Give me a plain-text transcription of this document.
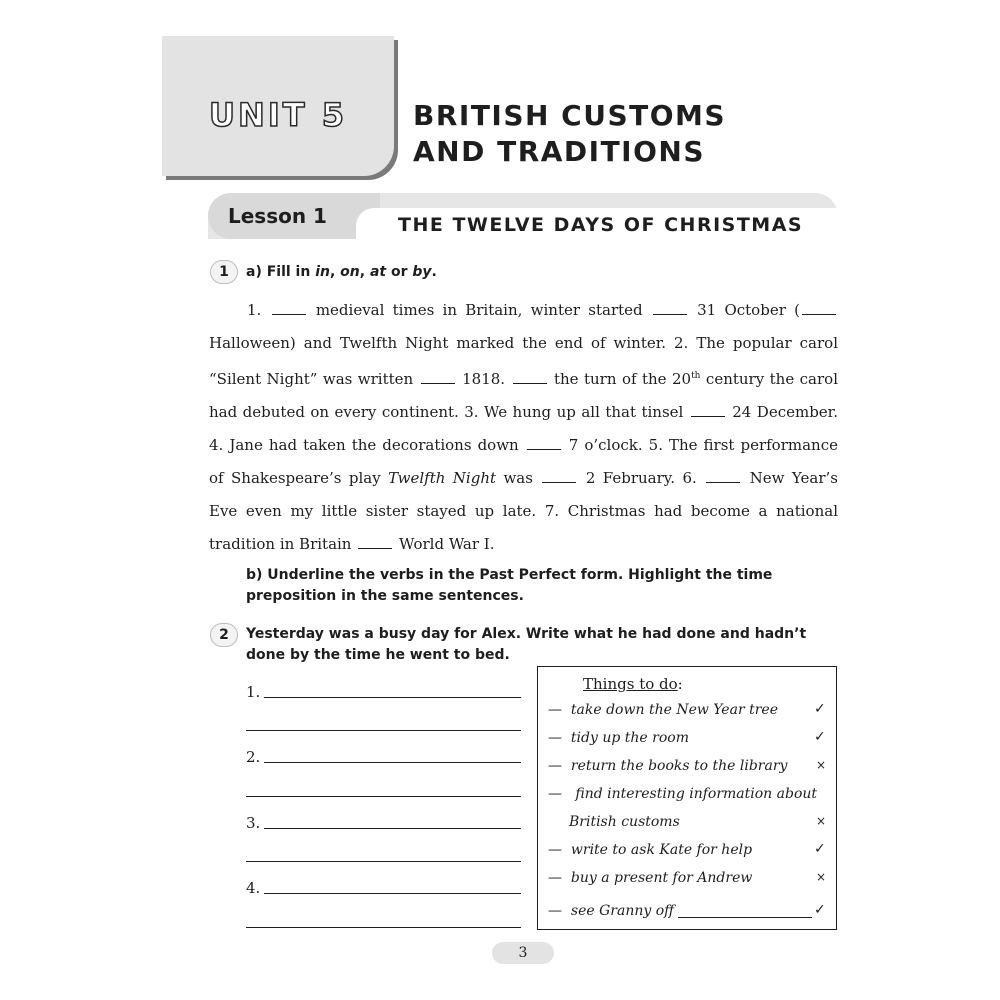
UNIT 5	BRITISH CUSTOMS
AND TRADITIONS
Lesson 1	THE TWELVE DAYS OF CHRISTMAS
1	a) Fill in in, on, at or by.
1.	medieval times in Britain, winter started	31 October ( Halloween) and Twelfth Night marked the end of winter. 2. The popular carol “Silent Night” was written	1818.	the turn of the 20th century the carol had debuted on every continent. 3. We hung up all that tinsel	24 December. 4. Jane had taken the decorations down	7 o’clock. 5. The first performance of Shakespeare’s play Twelfth Night was	2 February. 6.	New Year’s Eve even my little sister stayed up late. 7. Christmas had become a national tradition in Britain	World War I.
b) Underline the verbs in the Past Perfect form. Highlight the time preposition in the same sentences.
2	Yesterday was a busy day for Alex. Write what he had done and hadn’t done by the time he went to bed.
1.
2.
3.
4.
Things to do:
— take down the New Year tree	✓
— tidy up the room	✓
— return the books to the library ×
— find interesting information about
British customs	×
— write to ask Kate for help	✓
— buy a present for Andrew	×
— see Granny off	✓
3
